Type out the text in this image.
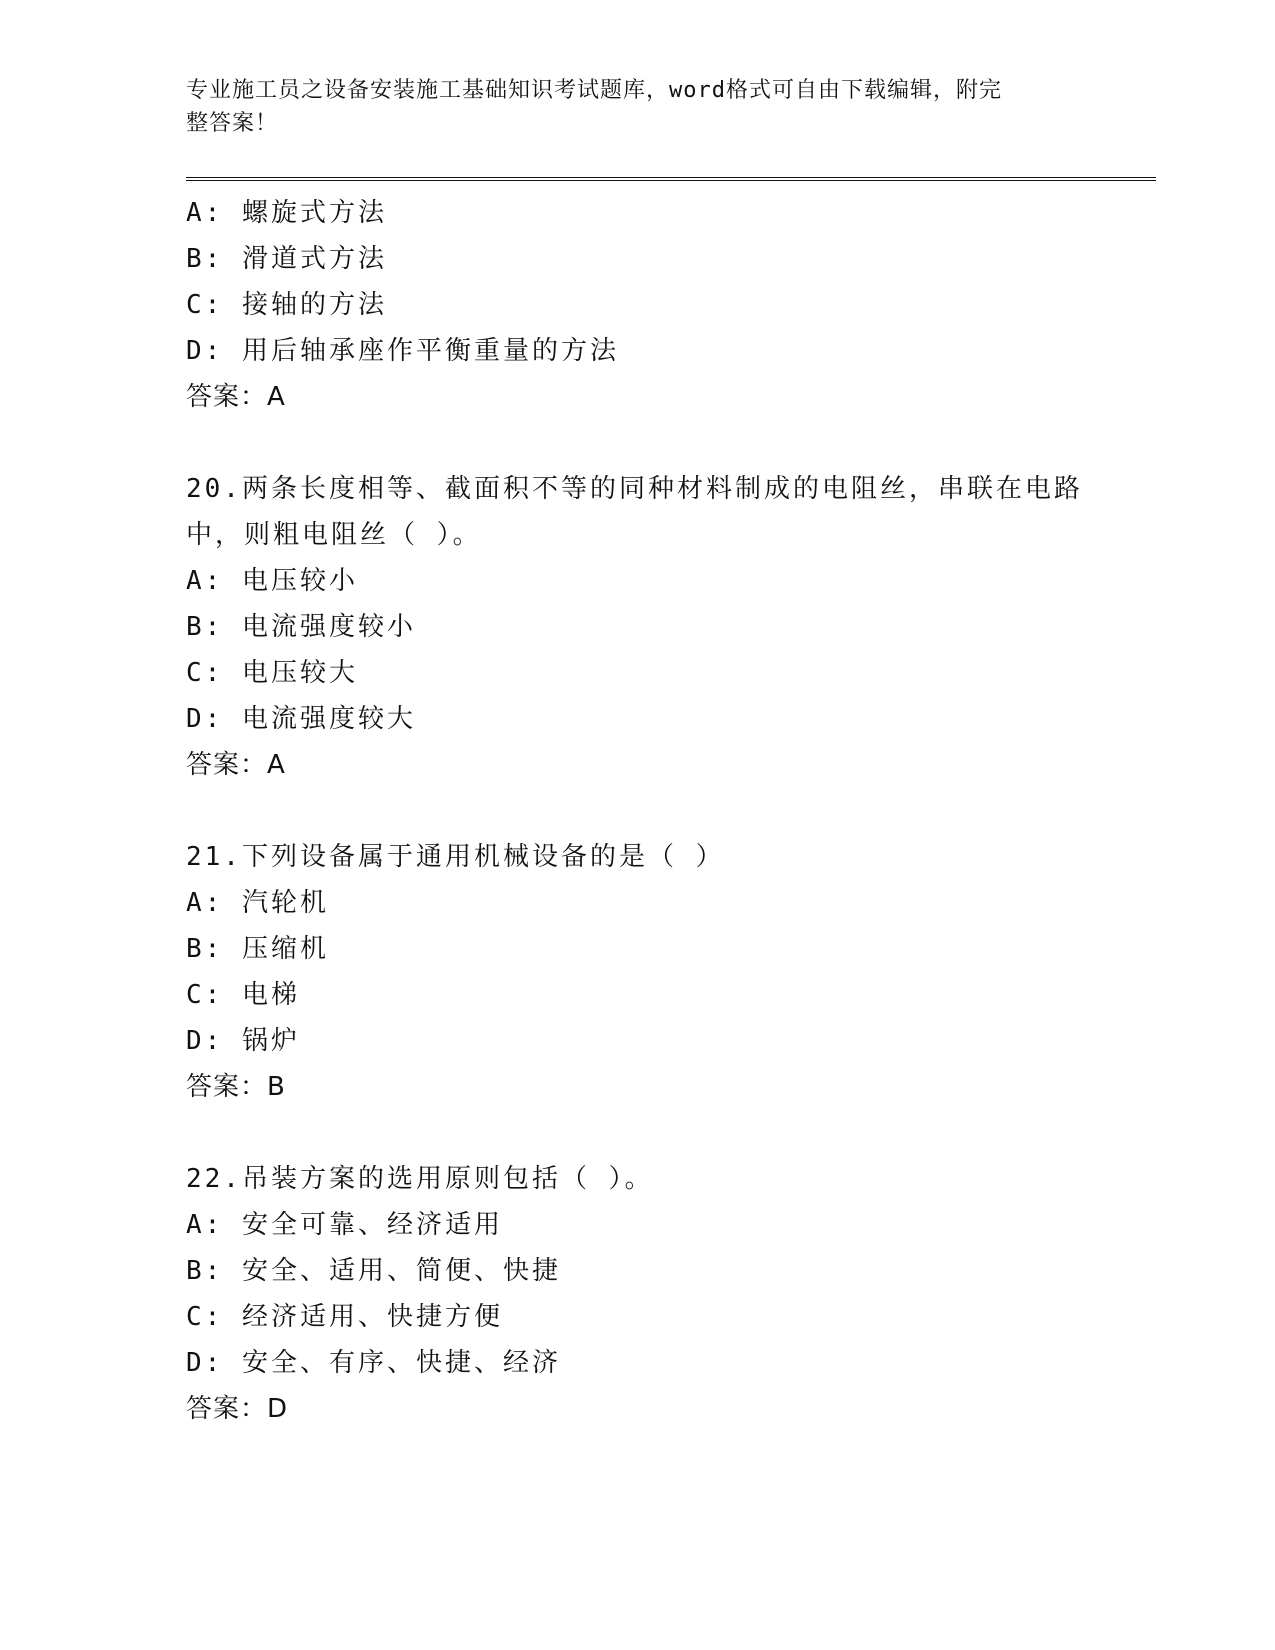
专业施工员之设备安装施工基础知识考试题库，word格式可自由下载编辑，附完
整答案！
A: 螺旋式方法
B: 滑道式方法
C: 接轴的方法
D: 用后轴承座作平衡重量的方法
答案：A
20.两条长度相等、截面积不等的同种材料制成的电阻丝，串联在电路
中，则粗电阻丝（ ）。
A: 电压较小
B: 电流强度较小
C: 电压较大
D: 电流强度较大
答案：A
21.下列设备属于通用机械设备的是（ ）
A: 汽轮机
B: 压缩机
C: 电梯
D: 锅炉
答案：B
22.吊装方案的选用原则包括（ ）。
A: 安全可靠、经济适用
B: 安全、适用、简便、快捷
C: 经济适用、快捷方便
D: 安全、有序、快捷、经济
答案：D
